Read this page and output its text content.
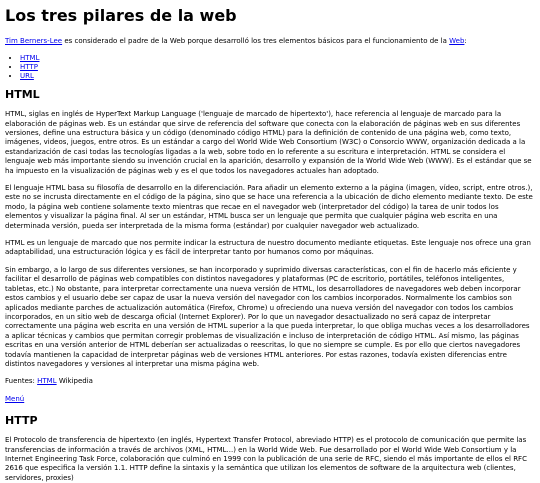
Los tres pilares de la web

Tim Berners-Lee es considerado el padre de la Web porque desarrolló los tres elementos básicos para el funcionamiento de la Web:

• HTML
• HTTP
• URL
HTML

HTML, siglas en inglés de HyperText Markup Language ('lenguaje de marcado de hipertexto'), hace referencia al lenguaje de marcado para la elaboración de páginas web. Es un estándar que sirve de referencia del software que conecta con la elaboración de páginas web en sus diferentes versiones, define una estructura básica y un código (denominado código HTML) para la definición de contenido de una página web, como texto, imágenes, videos, juegos, entre otros. Es un estándar a cargo del World Wide Web Consortium (W3C) o Consorcio WWW, organización dedicada a la estandarización de casi todas las tecnologías ligadas a la web, sobre todo en lo referente a su escritura e interpretación. HTML se considera el lenguaje web más importante siendo su invención crucial en la aparición, desarrollo y expansión de la World Wide Web (WWW). Es el estándar que se ha impuesto en la visualización de páginas web y es el que todos los navegadores actuales han adoptado.

El lenguaje HTML basa su filosofía de desarrollo en la diferenciación. Para añadir un elemento externo a la página (imagen, vídeo, script, entre otros.), este no se incrusta directamente en el código de la página, sino que se hace una referencia a la ubicación de dicho elemento mediante texto. De este modo, la página web contiene solamente texto mientras que recae en el navegador web (interpretador del código) la tarea de unir todos los elementos y visualizar la página final. Al ser un estándar, HTML busca ser un lenguaje que permita que cualquier página web escrita en una determinada versión, pueda ser interpretada de la misma forma (estándar) por cualquier navegador web actualizado.

HTML es un lenguaje de marcado que nos permite indicar la estructura de nuestro documento mediante etiquetas. Este lenguaje nos ofrece una gran adaptabilidad, una estructuración lógica y es fácil de interpretar tanto por humanos como por máquinas.

Sin embargo, a lo largo de sus diferentes versiones, se han incorporado y suprimido diversas características, con el fin de hacerlo más eficiente y facilitar el desarrollo de páginas web compatibles con distintos navegadores y plataformas (PC de escritorio, portátiles, teléfonos inteligentes, tabletas, etc.) No obstante, para interpretar correctamente una nueva versión de HTML, los desarrolladores de navegadores web deben incorporar estos cambios y el usuario debe ser capaz de usar la nueva versión del navegador con los cambios incorporados. Normalmente los cambios son aplicados mediante parches de actualización automática (Firefox, Chrome) u ofreciendo una nueva versión del navegador con todos los cambios incorporados, en un sitio web de descarga oficial (Internet Explorer). Por lo que un navegador desactualizado no será capaz de interpretar correctamente una página web escrita en una versión de HTML superior a la que pueda interpretar, lo que obliga muchas veces a los desarrolladores a aplicar técnicas y cambios que permitan corregir problemas de visualización e incluso de interpretación de código HTML. Así mismo, las páginas escritas en una versión anterior de HTML deberían ser actualizadas o reescritas, lo que no siempre se cumple. Es por ello que ciertos navegadores todavía mantienen la capacidad de interpretar páginas web de versiones HTML anteriores. Por estas razones, todavía existen diferencias entre distintos navegadores y versiones al interpretar una misma página web.

Fuentes: HTML Wikipedia

Menú

HTTP

El Protocolo de transferencia de hipertexto (en inglés, Hypertext Transfer Protocol, abreviado HTTP) es el protocolo de comunicación que permite las transferencias de información a través de archivos (XML, HTML...) en la World Wide Web. Fue desarrollado por el World Wide Web Consortium y la Internet Engineering Task Force, colaboración que culminó en 1999 con la publicación de una serie de RFC, siendo el más importante de ellos el RFC 2616 que especifica la versión 1.1. HTTP define la sintaxis y la semántica que utilizan los elementos de software de la arquitectura web (clientes, servidores, proxies)
